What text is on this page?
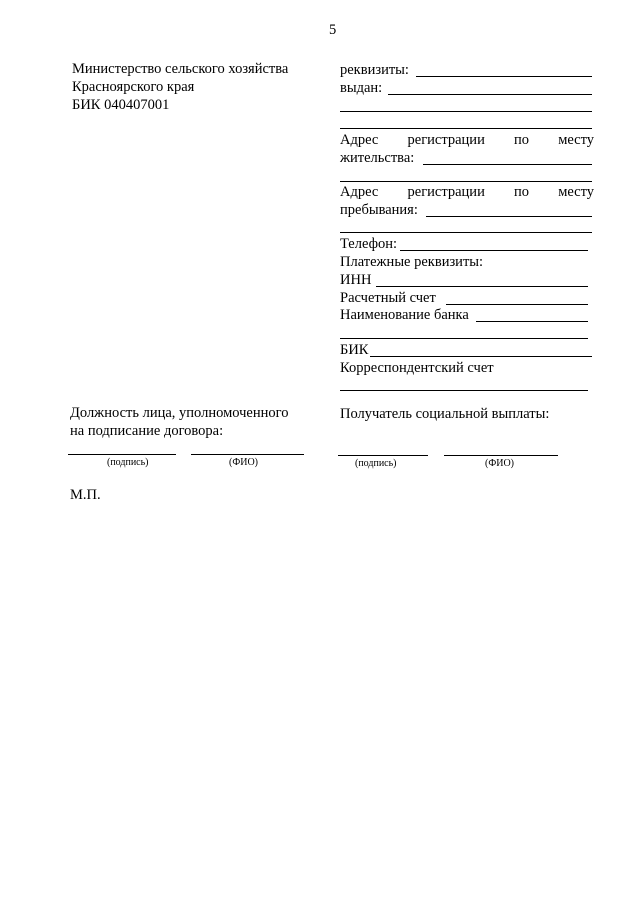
5
Министерство сельского хозяйства
Красноярского края
БИК 040407001
Должность лица, уполномоченного
на подписание договора:
(подпись)	(ФИО)
М.П.
реквизиты:
выдан:
Адрес регистрации по месту
жительства:
Адрес регистрации по месту
пребывания:
Телефон:
Платежные реквизиты:
ИНН
Расчетный счет
Наименование банка
БИК
Корреспондентский счет
Получатель социальной выплаты:
(подпись)	(ФИО)
